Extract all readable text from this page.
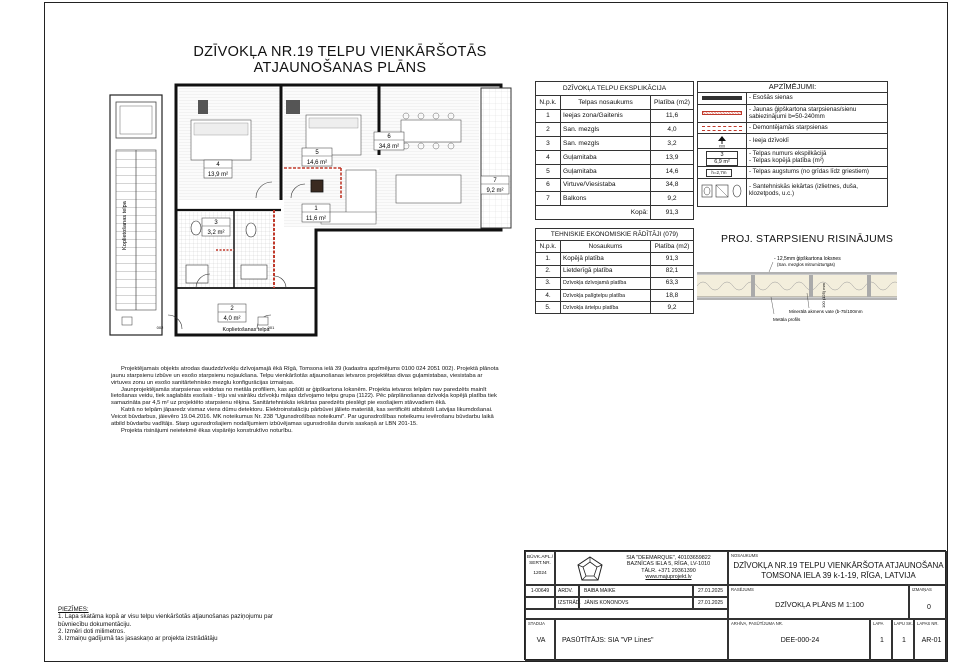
DZĪVOKĻA NR.19 TELPU VIENKĀRŠOTĀS
ATJAUNOŠANAS PLĀNS
Koplietošanas telpa
4
13,9 m²
5
14,6 m²
6
34,8 m²
7
9,2 m²
1
11,6 m²
3
3,2 m²
2
4,0 m²
Koplietošanas telpa
002	001
DZĪVOKĻA TELPU EKSPLIKĀCIJA		
N.p.k.	Telpas nosaukums	Platība (m2)
1	Ieejas zona/Gaitenis	11,6
2	San. mezgls	4,0
3	San. mezgls	3,2
4	Guļamitaba	13,9
5	Guļamitaba	14,6
6	Virtuve/Viesistaba	34,8
7	Balkons	9,2
Kopā:		91,3
TEHNISKIE EKONOMISKIE RĀDĪTĀJI (079)		
N.p.k.	Nosaukums	Platība (m2)
1.	Kopējā platība	91,3
2.	Lietderīgā platība	82,1
3.	Dzīvokļa dzīvojamā platība	63,3
4.	Dzīvokļa palīgtelpu platība	18,8
5.	Dzīvokļa ārtelpu platība	9,2
APZĪMĒJUMI:
- Esošās sienas
- Jaunas ģipškartona starpsienas/sienu sabiezinājumi b=50-240mm
- Demontējamās starpsienas
XXX
- Ieeja dzīvoklī
3
6,9 m²
- Telpas numurs ekspilkācijā
- Telpas kopējā platība (m²)
h=2,7m	- Telpas augstums (no grīdas līdz griestiem)
- Santehniskās iekārtas (izlietnes, duša, klozetpods, u.c.)
PROJ. STARPSIENU RISINĀJUMS
- 12,5mm ģipškartona loksnes
(San. mezglos mitrumizturīgās)
Minerālā akmens vate (b-75/100mm
Metāla profils
100 (125) mm

Projektējamais objekts atrodas daudzdzīvokļu dzīvojamajā ēkā Rīgā, Tomsona ielā 39 (kadastra apzīmējums 0100 024 2051 002). Projektā plānota jaunu starpsienu izbūve un esošo starpsienu nojaukšana. Telpu vienkāršotās atjaunošanas ietvaros projektētas divas guļamistabas, viesistaba ar virtuves zonu un esošo sanitārtehnisko mezglu konfigurācijas izmaiņas.

Jaunprojektējamās starpsienas veidotas no metāla profiliem, kas apšūti ar ģipškartona loksnēm. Projekta ietvaros telpām nav paredzēts mainīt lietošanas veidu, tiek saglabāts esošais - triju vai vairāku dzīvokļu mājas dzīvojamo telpu grupa (1122). Pēc pārplānošanas dzīvokļa kopējā platība tiek samazināta par 4,5 m² uz projektēto starpsienu rēķina. Sanitārtehniskās iekārtas paredzēts pieslēgt pie esošajiem stāvvadiem ēkā.

Katrā no telpām jāparedz vismaz viens dūmu detektoru. Elektroinstalāciju pārbūvei jālieto materiāli, kas sertificēti atbilstoši Latvijas likumdošanai. Veicot būvdarbus, jāievēro 19.04.2016. MK noteikumus Nr. 238 "Ugunsdrošības noteikumi". Par ugunsdrošības noteikumu ievērošanu būvdarbu laikā atbild būvdarbu vadītājs. Starp ugunsdrošajiem nodalījumiem izbūvējamas ugunsdrošās durvis saskaņā ar LBN 201-15.

Projekta risinājumi neietekmē ēkas vispārējo konstruktīvo noturību.

PIEZĪMES:
1. Lapa skatāma kopā ar visu telpu vienkāršotās atjaunošanas paziņojumu par būvniecību dokumentāciju.
2. Izmēri doti milimetros.
3. Izmaiņu gadījumā tas jasaskaņo ar projekta izstrādātāju
BŪVK.APL./ SERT.NR.
12024
SIA "DEEMARQUE", 40103659822
BAZNĪCAS IELA 5, RĪGA, LV-1010
TĀLR. +371 29361390
www.majuprojekt.lv
1-00649	ARDV.	BAIBA MAIKE	27.01.2025
IZSTRĀD. JĀNIS KONONOVS	27.01.2025
STADIJA
VA	PASŪTĪTĀJS: SIA "VP Lines"
NOSAUKUMS
DZĪVOKĻA NR.19 TELPU VIENKĀRŠOTA ATJAUNOŠANA
TOMSONA IELA 39 k-1-19, RĪGA, LATVIJA
RASĒJUMS
DZĪVOKĻA PLĀNS M 1:100
IZMAIŅAS
0
ARHĪVA, PASŪTĪJUMA NR.
DEE-000-24
LAPA
1
LAPU SK.
1
LAPAS NR.
AR-01
